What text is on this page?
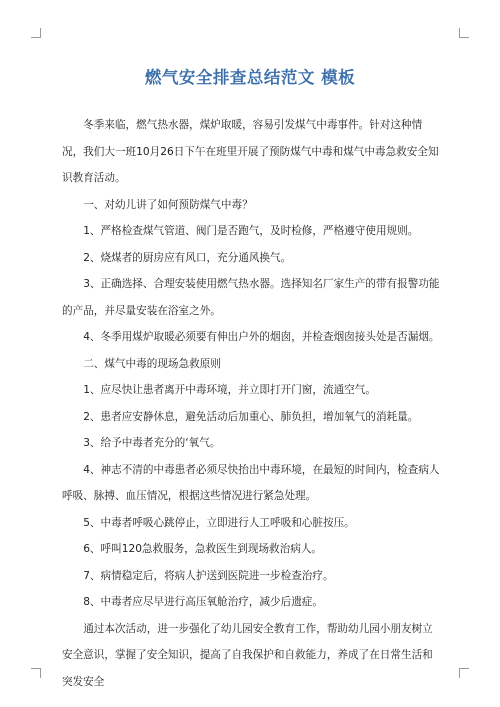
燃气安全排查总结范文 模板

冬季来临，燃气热水器，煤炉取暖，容易引发煤气中毒事件。针对这种情况，我们大一班10月26日下午在班里开展了预防煤气中毒和煤气中毒急救安全知识教育活动。

一、对幼儿讲了如何预防煤气中毒？

1、严格检查煤气管道、阀门是否跑气，及时检修，严格遵守使用规则。

2、烧煤者的厨房应有风口，充分通风换气。

3、正确选择、合理安装使用燃气热水器。选择知名厂家生产的带有报警功能的产品，并尽量安装在浴室之外。

4、冬季用煤炉取暖必须要有伸出户外的烟囱，并检查烟囱接头处是否漏烟。

二、煤气中毒的现场急救原则

1、应尽快让患者离开中毒环境，并立即打开门窗，流通空气。

2、患者应安静休息，避免活动后加重心、肺负担，增加氧气的消耗量。

3、给予中毒者充分的‘氧气。

4、神志不清的中毒患者必须尽快抬出中毒环境，在最短的时间内，检查病人呼吸、脉搏、血压情况，根据这些情况进行紧急处理。

5、中毒者呼吸心跳停止，立即进行人工呼吸和心脏按压。

6、呼叫120急救服务，急救医生到现场救治病人。

7、病情稳定后，将病人护送到医院进一步检查治疗。

8、中毒者应尽早进行高压氧舱治疗，减少后遗症。

通过本次活动，进一步强化了幼儿园安全教育工作，帮助幼儿园小朋友树立安全意识，掌握了安全知识，提高了自我保护和自救能力，养成了在日常生活和突发安全
